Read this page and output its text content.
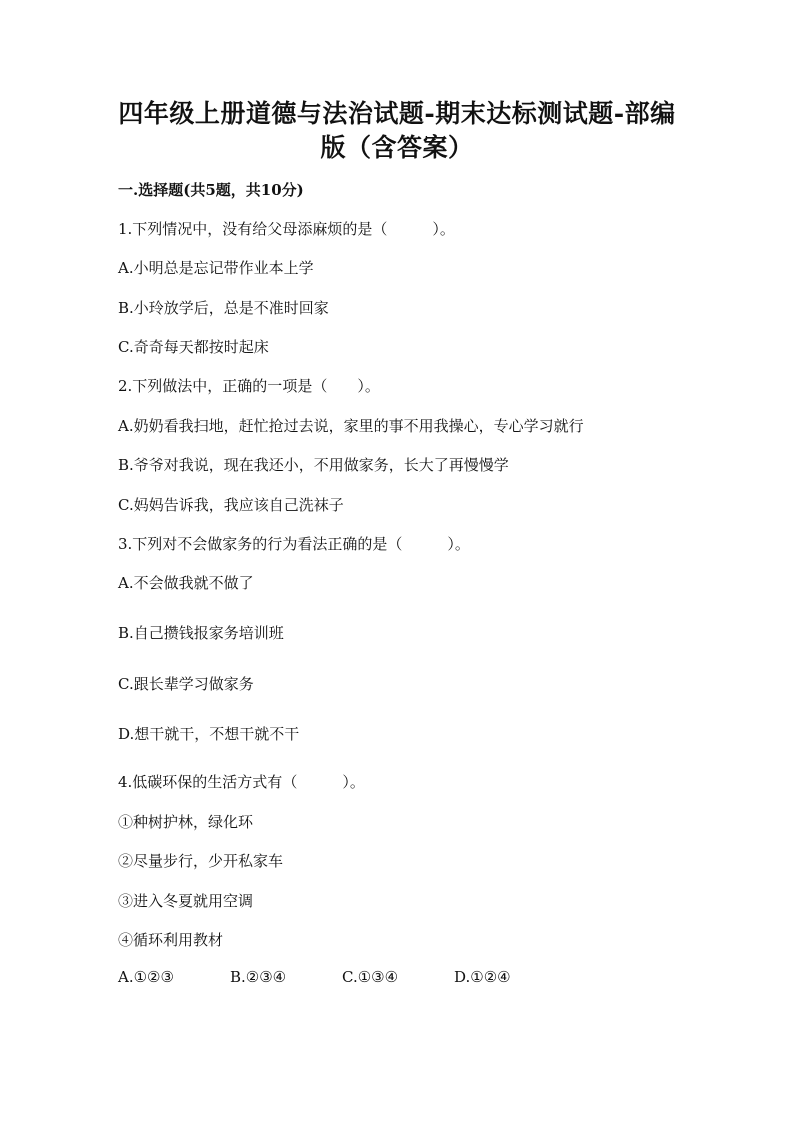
四年级上册道德与法治试题-期末达标测试题-部编
版（含答案）
一.选择题(共5题，共10分)
1.下列情况中，没有给父母添麻烦的是（　　　）。
A.小明总是忘记带作业本上学
B.小玲放学后，总是不准时回家
C.奇奇每天都按时起床
2.下列做法中，正确的一项是（　　）。
A.奶奶看我扫地，赶忙抢过去说，家里的事不用我操心，专心学习就行
B.爷爷对我说，现在我还小，不用做家务，长大了再慢慢学
C.妈妈告诉我，我应该自己洗袜子
3.下列对不会做家务的行为看法正确的是（　　　）。
A.不会做我就不做了
B.自己攒钱报家务培训班
C.跟长辈学习做家务
D.想干就干，不想干就不干
4.低碳环保的生活方式有（　　　）。
①种树护林，绿化环
②尽量步行，少开私家车
③进入冬夏就用空调
④循环利用教材
A.①②③	B.②③④	C.①③④	D.①②④
